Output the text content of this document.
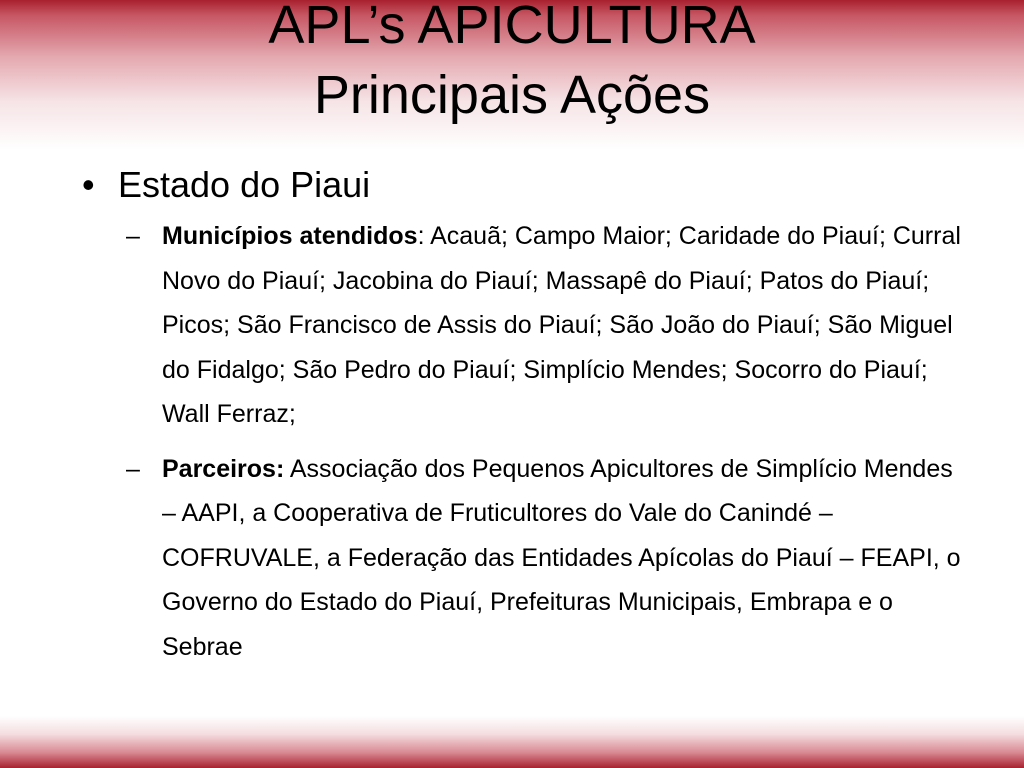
APL’s APICULTURA
Principais Ações
• Estado do Piaui
– Municípios atendidos: Acauã; Campo Maior; Caridade do Piauí; Curral Novo do Piauí; Jacobina do Piauí; Massapê do Piauí; Patos do Piauí; Picos; São Francisco de Assis do Piauí; São João do Piauí; São Miguel do Fidalgo; São Pedro do Piauí; Simplício Mendes; Socorro do Piauí; Wall Ferraz;
– Parceiros: Associação dos Pequenos Apicultores de Simplício Mendes – AAPI, a Cooperativa de Fruticultores do Vale do Canindé – COFRUVALE, a Federação das Entidades Apícolas do Piauí – FEAPI, o Governo do Estado do Piauí, Prefeituras Municipais, Embrapa e o Sebrae
